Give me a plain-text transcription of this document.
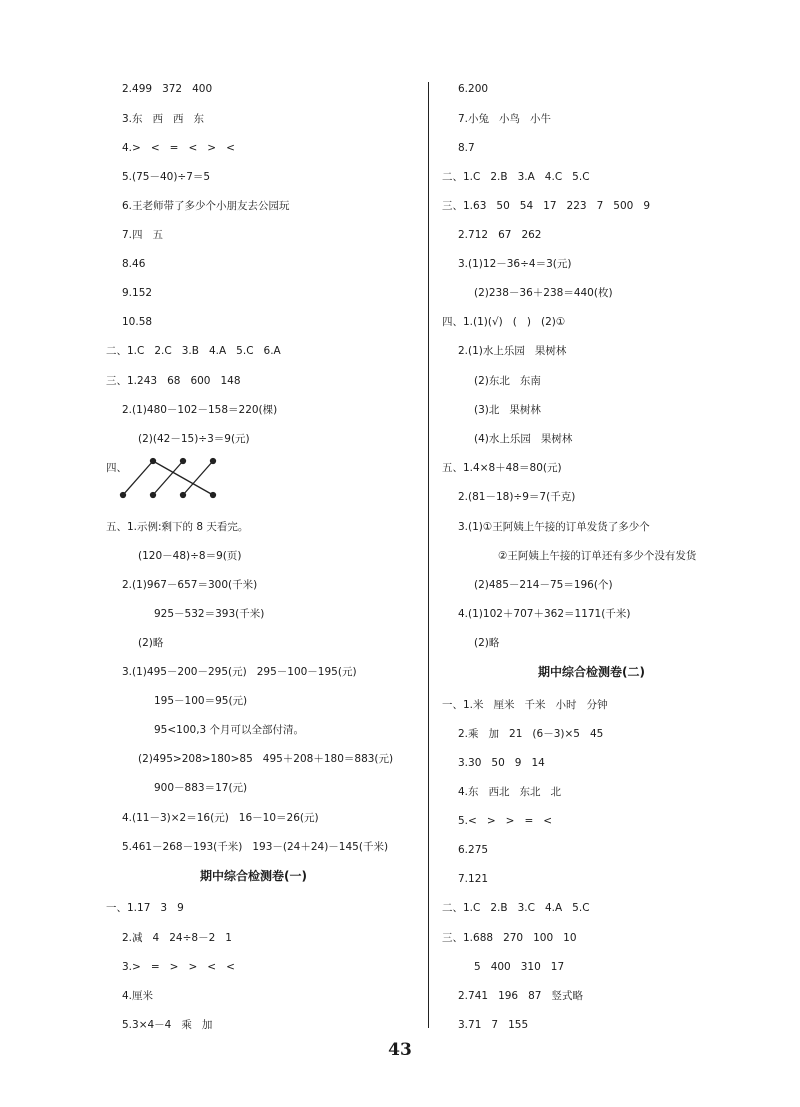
2.499   372   400
3.东   西   西   东
4.>   <   =   <   >   <
5.(75－40)÷7＝5
6.王老师带了多少个小朋友去公园玩
7.四   五
8.46
9.152
10.58
二、1.C   2.C   3.B   4.A   5.C   6.A
三、1.243   68   600   148
2.(1)480－102－158＝220(棵)
(2)(42－15)÷3＝9(元)
四、
五、1.示例:剩下的 8 天看完。
(120－48)÷8＝9(页)
2.(1)967－657＝300(千米)
925－532＝393(千米)
(2)略
3.(1)495－200－295(元)   295－100－195(元)
195－100＝95(元)
95<100,3 个月可以全部付清。
(2)495>208>180>85   495＋208＋180＝883(元)
900－883＝17(元)
4.(11－3)×2＝16(元)   16－10＝26(元)
5.461－268－193(千米)   193－(24＋24)－145(千米)
期中综合检测卷(一)
一、1.17   3   9
2.减   4   24÷8－2   1
3.>   =   >   >   <   <
4.厘米
5.3×4－4   乘   加
6.200
7.小兔   小鸟   小牛
8.7
二、1.C   2.B   3.A   4.C   5.C
三、1.63   50   54   17   223   7   500   9
2.712   67   262
3.(1)12－36÷4＝3(元)
(2)238－36＋238＝440(枚)
四、1.(1)(√)   (   )   (2)①
2.(1)水上乐园   果树林
(2)东北   东南
(3)北   果树林
(4)水上乐园   果树林
五、1.4×8＋48＝80(元)
2.(81－18)÷9＝7(千克)
3.(1)①王阿姨上午接的订单发货了多少个
②王阿姨上午接的订单还有多少个没有发货
(2)485－214－75＝196(个)
4.(1)102＋707＋362＝1171(千米)
(2)略
期中综合检测卷(二)
一、1.米   厘米   千米   小时   分钟
2.乘   加   21   (6－3)×5   45
3.30   50   9   14
4.东   西北   东北   北
5.<   >   >   =   <
6.275
7.121
二、1.C   2.B   3.C   4.A   5.C
三、1.688   270   100   10
5   400   310   17
2.741   196   87   竖式略
3.71   7   155
43
